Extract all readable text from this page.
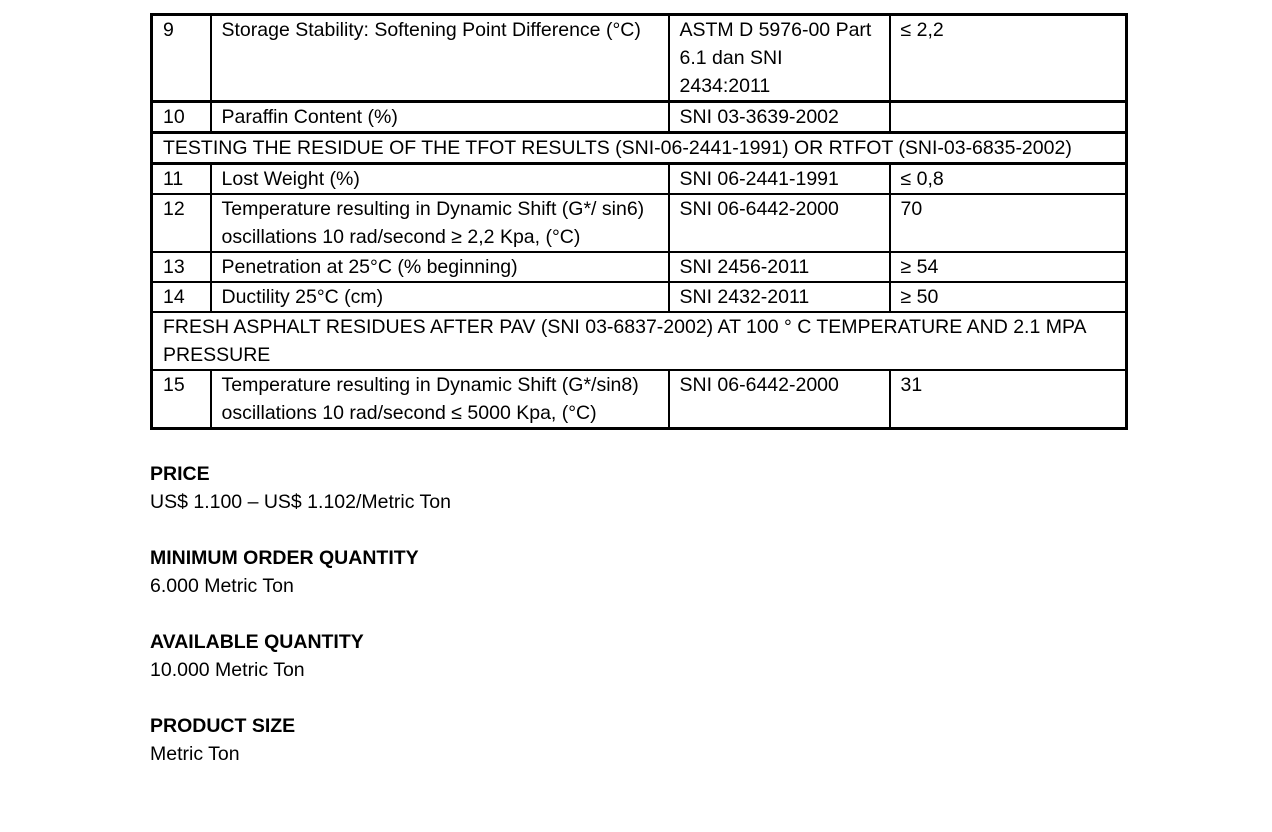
9	Storage Stability: Softening Point Difference (°C)	ASTM D 5976-00 Part 6.1 dan SNI 2434:2011	≤ 2,2
10	Paraffin Content (%)	SNI 03-3639-2002	
TESTING THE RESIDUE OF THE TFOT RESULTS (SNI-06-2441-1991) OR RTFOT (SNI-03-6835-2002)			
11	Lost Weight (%)	SNI 06-2441-1991	≤ 0,8
12	Temperature resulting in Dynamic Shift (G*/ sin6) oscillations 10 rad/second ≥ 2,2 Kpa, (°C)	SNI 06-6442-2000	70
13	Penetration at 25°C (% beginning)	SNI 2456-2011	≥ 54
14	Ductility 25°C (cm)	SNI 2432-2011	≥ 50
FRESH ASPHALT RESIDUES AFTER PAV (SNI 03-6837-2002) AT 100 ° C TEMPERATURE AND 2.1 MPA PRESSURE			
15	Temperature resulting in Dynamic Shift (G*/sin8) oscillations 10 rad/second ≤ 5000 Kpa, (°C)	SNI 06-6442-2000	31
PRICE
US$ 1.100 – US$ 1.102/Metric Ton
MINIMUM ORDER QUANTITY
6.000 Metric Ton
AVAILABLE QUANTITY
10.000 Metric Ton
PRODUCT SIZE
Metric Ton
